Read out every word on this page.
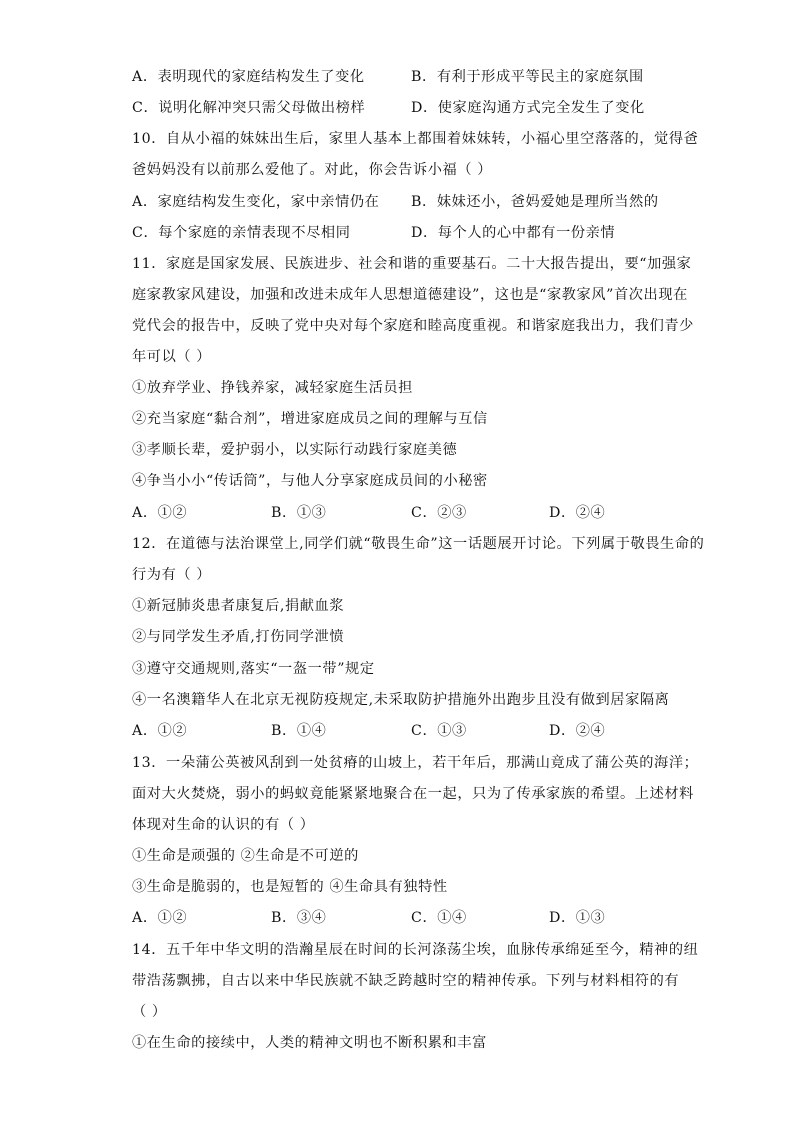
A．表明现代的家庭结构发生了变化	B．有利于形成平等民主的家庭氛围
C．说明化解冲突只需父母做出榜样	D．使家庭沟通方式完全发生了变化
10．自从小福的妹妹出生后，家里人基本上都围着妹妹转，小福心里空落落的，觉得爸
爸妈妈没有以前那么爱他了。对此，你会告诉小福（ ）
A．家庭结构发生变化，家中亲情仍在 B．妹妹还小，爸妈爱她是理所当然的
C．每个家庭的亲情表现不尽相同	D．每个人的心中都有一份亲情
11．家庭是国家发展、民族进步、社会和谐的重要基石。二十大报告提出，要“加强家
庭家教家风建设，加强和改进未成年人思想道德建设”，这也是“家教家风”首次出现在
党代会的报告中，反映了党中央对每个家庭和睦高度重视。和谐家庭我出力，我们青少
年可以（ ）
①放弃学业、挣钱养家，减轻家庭生活员担
②充当家庭“黏合剂”，增进家庭成员之间的理解与互信
③孝顺长辈，爱护弱小，以实际行动践行家庭美德
④争当小小“传话筒”，与他人分享家庭成员间的小秘密
A．①②	B．①③	C．②③	D．②④
12．在道德与法治课堂上,同学们就“敬畏生命”这一话题展开讨论。下列属于敬畏生命的
行为有（ ）
①新冠肺炎患者康复后,捐献血浆
②与同学发生矛盾,打伤同学泄愤
③遵守交通规则,落实“一盔一带”规定
④一名澳籍华人在北京无视防疫规定,未采取防护措施外出跑步且没有做到居家隔离
A．①②	B．①④	C．①③	D．②④
13．一朵蒲公英被风刮到一处贫瘠的山坡上，若干年后，那满山竟成了蒲公英的海洋；
面对大火焚烧，弱小的蚂蚁竟能紧紧地聚合在一起，只为了传承家族的希望。上述材料
体现对生命的认识的有（ ）
①生命是顽强的 ②生命是不可逆的
③生命是脆弱的，也是短暂的 ④生命具有独特性
A．①②	B．③④	C．①④	D．①③
14．五千年中华文明的浩瀚星辰在时间的长河涤荡尘埃，血脉传承绵延至今，精神的纽
带浩荡飘拂，自古以来中华民族就不缺乏跨越时空的精神传承。下列与材料相符的有
（ ）
①在生命的接续中，人类的精神文明也不断积累和丰富
